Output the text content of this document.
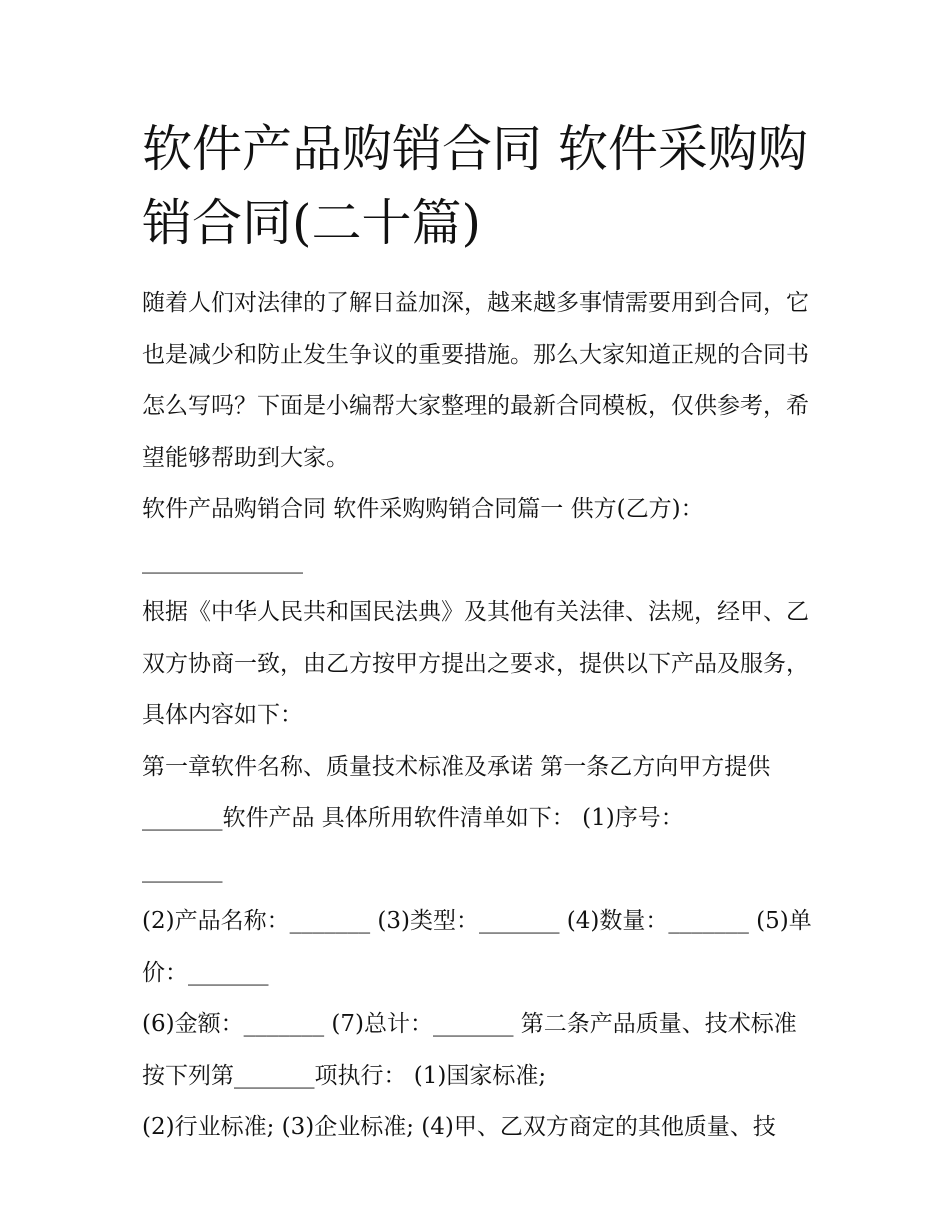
软件产品购销合同 软件采购购销合同(二十篇)

随着人们对法律的了解日益加深，越来越多事情需要用到合同，它也是减少和防止发生争议的重要措施。那么大家知道正规的合同书怎么写吗？下面是小编帮大家整理的最新合同模板，仅供参考，希望能够帮助到大家。

软件产品购销合同 软件采购购销合同篇一 供方(乙方)：

______________

根据《中华人民共和国民法典》及其他有关法律、法规，经甲、乙双方协商一致，由乙方按甲方提出之要求，提供以下产品及服务，具体内容如下：

第一章软件名称、质量技术标准及承诺 第一条乙方向甲方提供_______软件产品 具体所用软件清单如下： (1)序号：

_______

(2)产品名称：_______ (3)类型：_______ (4)数量：_______ (5)单价：_______

(6)金额：_______ (7)总计：_______ 第二条产品质量、技术标准 按下列第_______项执行： (1)国家标准;

(2)行业标准; (3)企业标准; (4)甲、乙双方商定的其他质量、技
